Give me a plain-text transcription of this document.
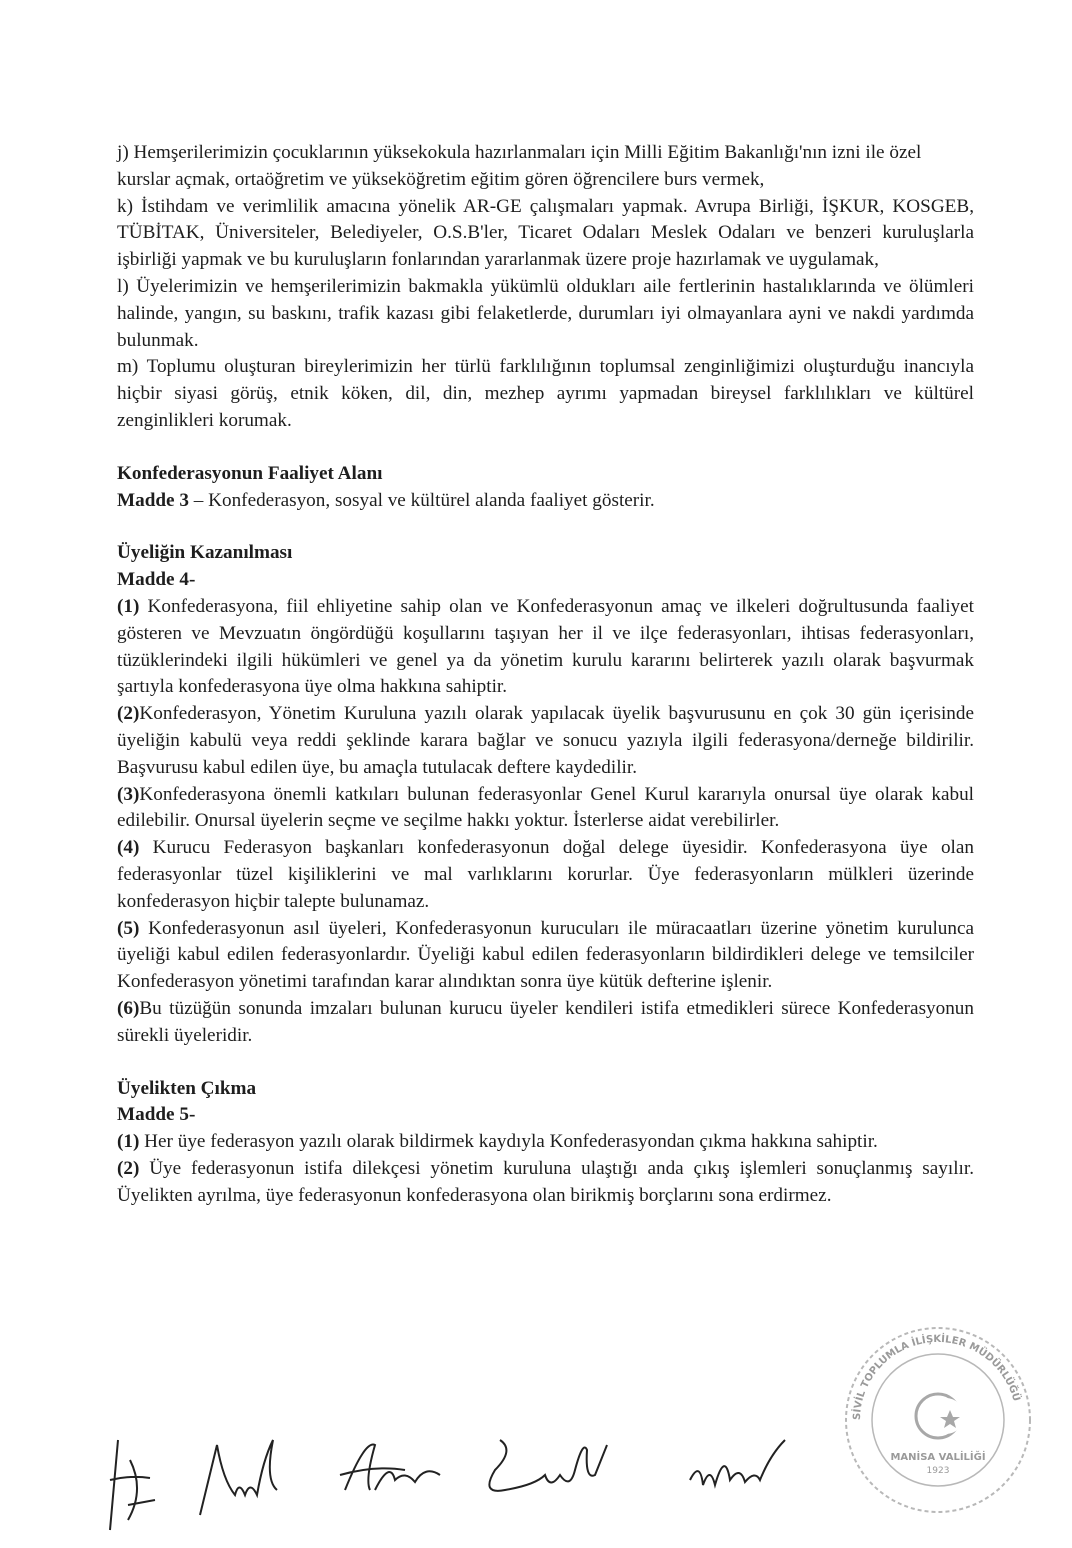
j) Hemşerilerimizin çocuklarının yüksekokula hazırlanmaları için Milli Eğitim Bakanlığı'nın izni ile özel kurslar açmak, ortaöğretim ve yükseköğretim eğitim gören öğrencilere burs vermek,

k) İstihdam ve verimlilik amacına yönelik AR-GE çalışmaları yapmak. Avrupa Birliği, İŞKUR, KOSGEB, TÜBİTAK, Üniversiteler, Belediyeler, O.S.B'ler, Ticaret Odaları Meslek Odaları ve benzeri kuruluşlarla işbirliği yapmak ve bu kuruluşların fonlarından yararlanmak üzere proje hazırlamak ve uygulamak,

l) Üyelerimizin ve hemşerilerimizin bakmakla yükümlü oldukları aile fertlerinin hastalıklarında ve ölümleri halinde, yangın, su baskını, trafik kazası gibi felaketlerde, durumları iyi olmayanlara ayni ve nakdi yardımda bulunmak.

m) Toplumu oluşturan bireylerimizin her türlü farklılığının toplumsal zenginliğimizi oluşturduğu inancıyla hiçbir siyasi görüş, etnik köken, dil, din, mezhep ayrımı yapmadan bireysel farklılıkları ve kültürel zenginlikleri korumak.

Konfederasyonun Faaliyet Alanı

Madde 3 – Konfederasyon, sosyal ve kültürel alanda faaliyet gösterir.

Üyeliğin Kazanılması

Madde 4-

(1) Konfederasyona, fiil ehliyetine sahip olan ve Konfederasyonun amaç ve ilkeleri doğrultusunda faaliyet gösteren ve Mevzuatın öngördüğü koşullarını taşıyan her il ve ilçe federasyonları, ihtisas federasyonları, tüzüklerindeki ilgili hükümleri ve genel ya da yönetim kurulu kararını belirterek yazılı olarak başvurmak şartıyla konfederasyona üye olma hakkına sahiptir.

(2)Konfederasyon, Yönetim Kuruluna yazılı olarak yapılacak üyelik başvurusunu en çok 30 gün içerisinde üyeliğin kabulü veya reddi şeklinde karara bağlar ve sonucu yazıyla ilgili federasyona/derneğe bildirilir. Başvurusu kabul edilen üye, bu amaçla tutulacak deftere kaydedilir.

(3)Konfederasyona önemli katkıları bulunan federasyonlar Genel Kurul kararıyla onursal üye olarak kabul edilebilir. Onursal üyelerin seçme ve seçilme hakkı yoktur. İsterlerse aidat verebilirler.

(4) Kurucu Federasyon başkanları konfederasyonun doğal delege üyesidir. Konfederasyona üye olan federasyonlar tüzel kişiliklerini ve mal varlıklarını korurlar. Üye federasyonların mülkleri üzerinde konfederasyon hiçbir talepte bulunamaz.

(5) Konfederasyonun asıl üyeleri, Konfederasyonun kurucuları ile müracaatları üzerine yönetim kurulunca üyeliği kabul edilen federasyonlardır. Üyeliği kabul edilen federasyonların bildirdikleri delege ve temsilciler Konfederasyon yönetimi tarafından karar alındıktan sonra üye kütük defterine işlenir.

(6)Bu tüzüğün sonunda imzaları bulunan kurucu üyeler kendileri istifa etmedikleri sürece Konfederasyonun sürekli üyeleridir.

Üyelikten Çıkma

Madde 5-

(1) Her üye federasyon yazılı olarak bildirmek kaydıyla Konfederasyondan çıkma hakkına sahiptir.

(2) Üye federasyonun istifa dilekçesi yönetim kuruluna ulaştığı anda çıkış işlemleri sonuçlanmış sayılır. Üyelikten ayrılma, üye federasyonun konfederasyona olan birikmiş borçlarını sona erdirmez.

SİVİL TOPLUMLA İLİŞKİLER MÜDÜRLÜĞÜ
MANİSA VALİLİĞİ
1923
